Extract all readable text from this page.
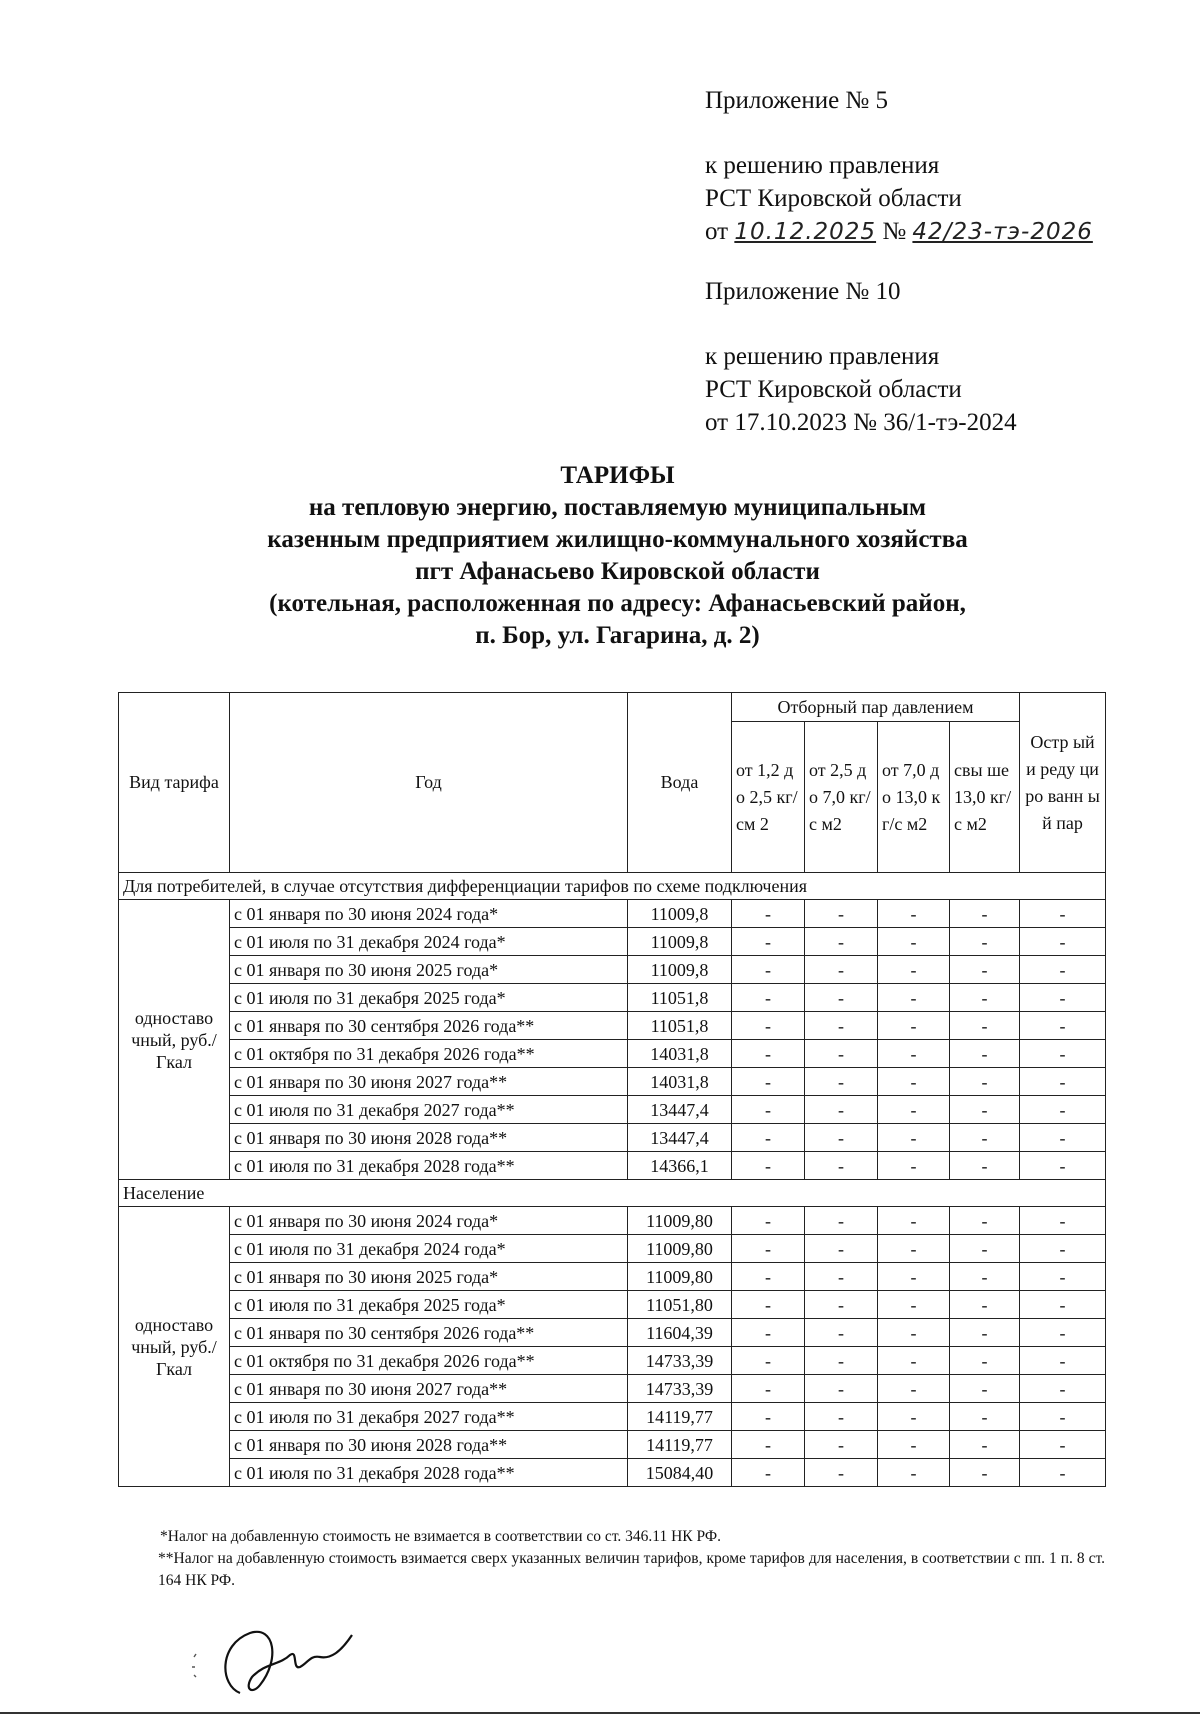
Приложение № 5
к решению правления
РСТ Кировской области
от 10.12.2025 № 42/23-тэ-2026
Приложение № 10
к решению правления
РСТ Кировской области
от 17.10.2023 № 36/1-тэ-2024
ТАРИФЫ
на тепловую энергию, поставляемую муниципальным
казенным предприятием жилищно-коммунального хозяйства
пгт Афанасьево Кировской области
(котельная, расположенная по адресу: Афанасьевский район,
п. Бор, ул. Гагарина, д. 2)
Вид тарифа	Год	Вода	Отборный пар давлением				Остр ый и реду циро ванн ый пар
			от 1,2 до 2,5 кг/см 2	от 2,5 до 7,0 кг/с м2	от 7,0 до 13,0 кг/с м2	свы ше 13,0 кг/с м2	
Для потребителей, в случае отсутствия дифференциации тарифов по схеме подключения							
одноставо чный, руб./Гкал	с 01 января по 30 июня 2024 года*	11009,8	-	-	-	-	-
	с 01 июля по 31 декабря 2024 года*	11009,8	-	-	-	-	-
	с 01 января по 30 июня 2025 года*	11009,8	-	-	-	-	-
	с 01 июля по 31 декабря 2025 года*	11051,8	-	-	-	-	-
	с 01 января по 30 сентября 2026 года**	11051,8	-	-	-	-	-
	с 01 октября по 31 декабря 2026 года**	14031,8	-	-	-	-	-
	с 01 января по 30 июня 2027 года**	14031,8	-	-	-	-	-
	с 01 июля по 31 декабря 2027 года**	13447,4	-	-	-	-	-
	с 01 января по 30 июня 2028 года**	13447,4	-	-	-	-	-
	с 01 июля по 31 декабря 2028 года**	14366,1	-	-	-	-	-
Население							
одноставо чный, руб./Гкал	с 01 января по 30 июня 2024 года*	11009,80	-	-	-	-	-
	с 01 июля по 31 декабря 2024 года*	11009,80	-	-	-	-	-
	с 01 января по 30 июня 2025 года*	11009,80	-	-	-	-	-
	с 01 июля по 31 декабря 2025 года*	11051,80	-	-	-	-	-
	с 01 января по 30 сентября 2026 года**	11604,39	-	-	-	-	-
	с 01 октября по 31 декабря 2026 года**	14733,39	-	-	-	-	-
	с 01 января по 30 июня 2027 года**	14733,39	-	-	-	-	-
	с 01 июля по 31 декабря 2027 года**	14119,77	-	-	-	-	-
	с 01 января по 30 июня 2028 года**	14119,77	-	-	-	-	-
	с 01 июля по 31 декабря 2028 года**	15084,40	-	-	-	-	-
*Налог на добавленную стоимость не взимается в соответствии со ст. 346.11 НК РФ.
**Налог на добавленную стоимость взимается сверх указанных величин тарифов, кроме тарифов для населения, в соответствии с пп. 1 п. 8 ст. 164 НК РФ.
